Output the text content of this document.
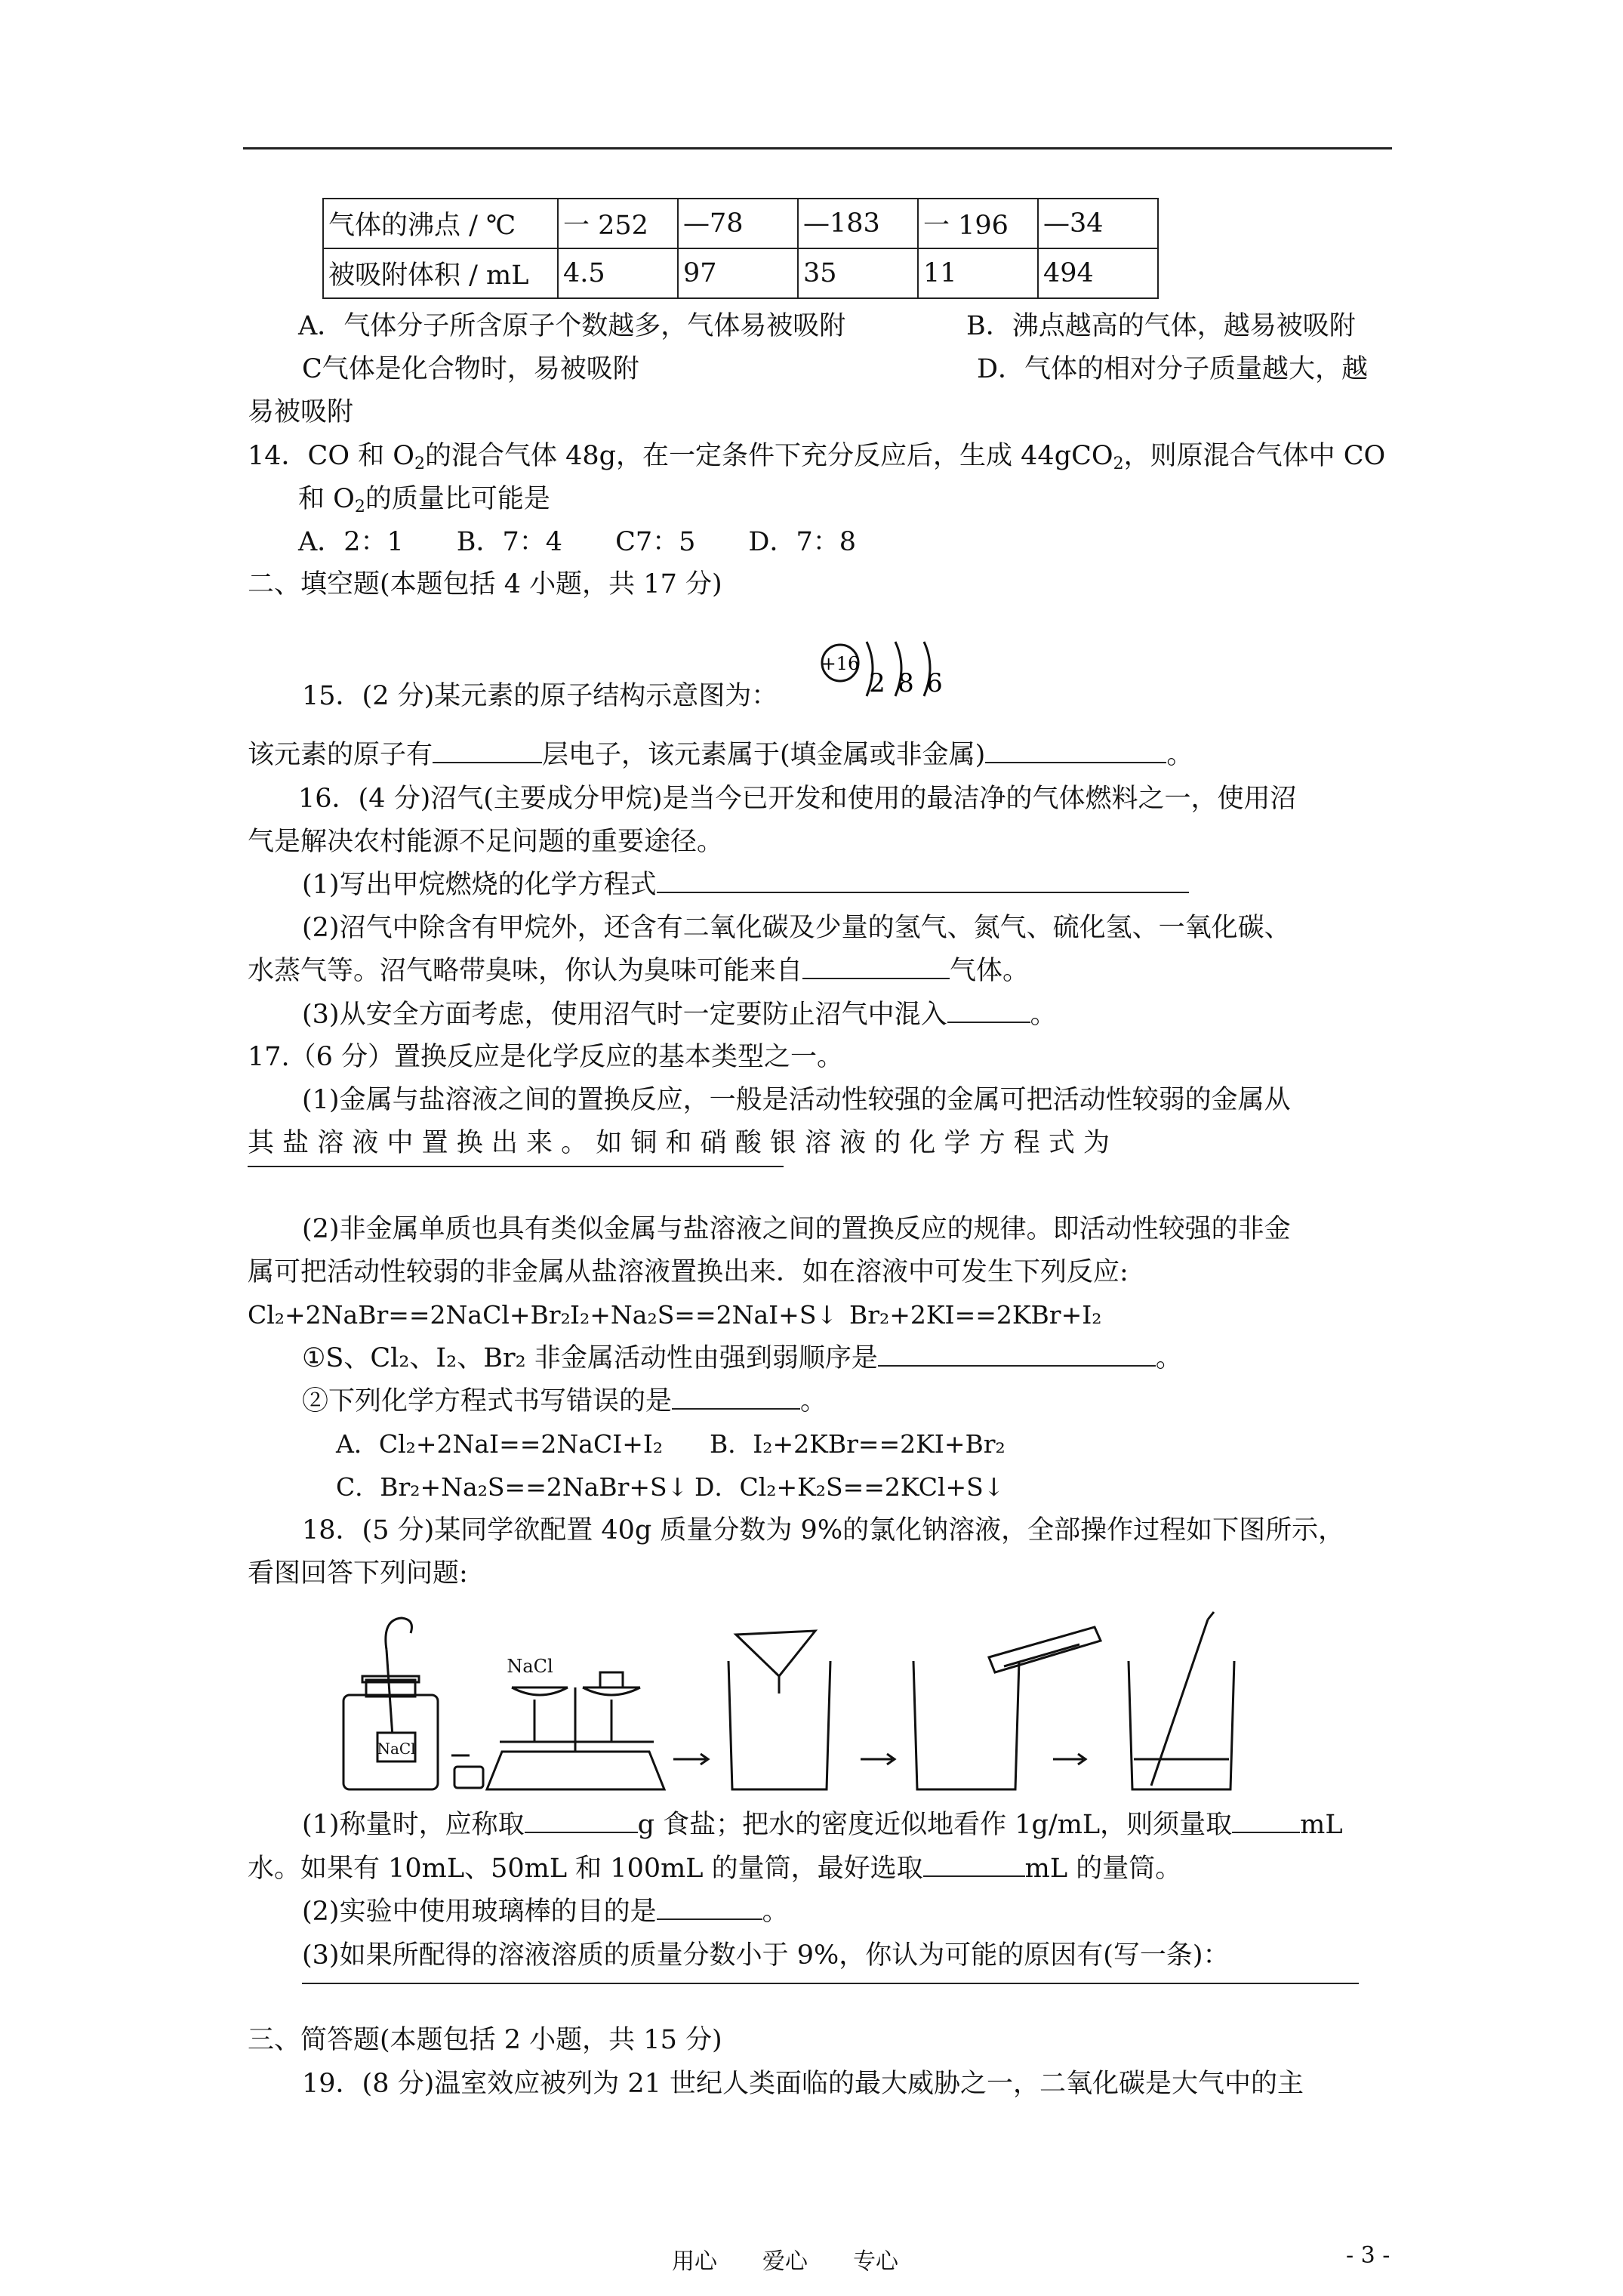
气体的沸点 / ℃	一 252	—78	—183	一 196	—34
被吸附体积 / mL	4.5	97	35	11	494
A．气体分子所含原子个数越多，气体易被吸附	B．沸点越高的气体，越易被吸附
C气体是化合物时，易被吸附	D．气体的相对分子质量越大，越
易被吸附
14．CO 和 $O_2$的混合气体 48g，在一定条件下充分反应后，生成 44gCO$_2$，则原混合气体中 CO
和 $O_2$的质量比可能是
A．2：1　　B．7：4　　C7：5　　D．7：8
二、填空题(本题包括 4 小题，共 17 分)
15．(2 分)某元素的原子结构示意图为：
+16
2 8 6
该元素的原子有	层电子，该元素属于(填金属或非金属)	。
16．(4 分)沼气(主要成分甲烷)是当今已开发和使用的最洁净的气体燃料之一，使用沼
气是解决农村能源不足问题的重要途径。
(1)写出甲烷燃烧的化学方程式
(2)沼气中除含有甲烷外，还含有二氧化碳及少量的氢气、氮气、硫化氢、一氧化碳、
水蒸气等。沼气略带臭味，你认为臭味可能来自	气体。
(3)从安全方面考虑，使用沼气时一定要防止沼气中混入	。
17.（6 分）置换反应是化学反应的基本类型之一。
(1)金属与盐溶液之间的置换反应，一般是活动性较强的金属可把活动性较弱的金属从
其 盐 溶 液 中 置 换 出 来 。 如 铜 和 硝 酸 银 溶 液 的 化 学 方 程 式 为
(2)非金属单质也具有类似金属与盐溶液之间的置换反应的规律。即活动性较强的非金
属可把活动性较弱的非金属从盐溶液置换出来．如在溶液中可发生下列反应:
Cl₂+2NaBr==2NaCl+Br₂ I₂+Na₂S==2NaI+S↓ Br₂+2KI==2KBr+I₂
①S、Cl₂、I₂、Br₂ 非金属活动性由强到弱顺序是	。
②下列化学方程式书写错误的是	。
A．Cl₂+2NaI==2NaCI+I₂ B．I₂+2KBr==2KI+Br₂
C．Br₂+Na₂S==2NaBr+S↓ D．Cl₂+K₂S==2KCl+S↓
18．(5 分)某同学欲配置 40g 质量分数为 9%的氯化钠溶液，全部操作过程如下图所示，
看图回答下列问题:
NaCl
NaCl
(1)称量时，应称取	g 食盐；把水的密度近似地看作 1g/mL，则须量取	mL
水。如果有 10mL、50mL 和 100mL 的量筒，最好选取	mL 的量筒。
(2)实验中使用玻璃棒的目的是	。
(3)如果所配得的溶液溶质的质量分数小于 9%，你认为可能的原因有(写一条)：
三、简答题(本题包括 2 小题，共 15 分)
19．(8 分)温室效应被列为 21 世纪人类面临的最大威胁之一，二氧化碳是大气中的主
用心　　爱心　　专心	- 3 -
